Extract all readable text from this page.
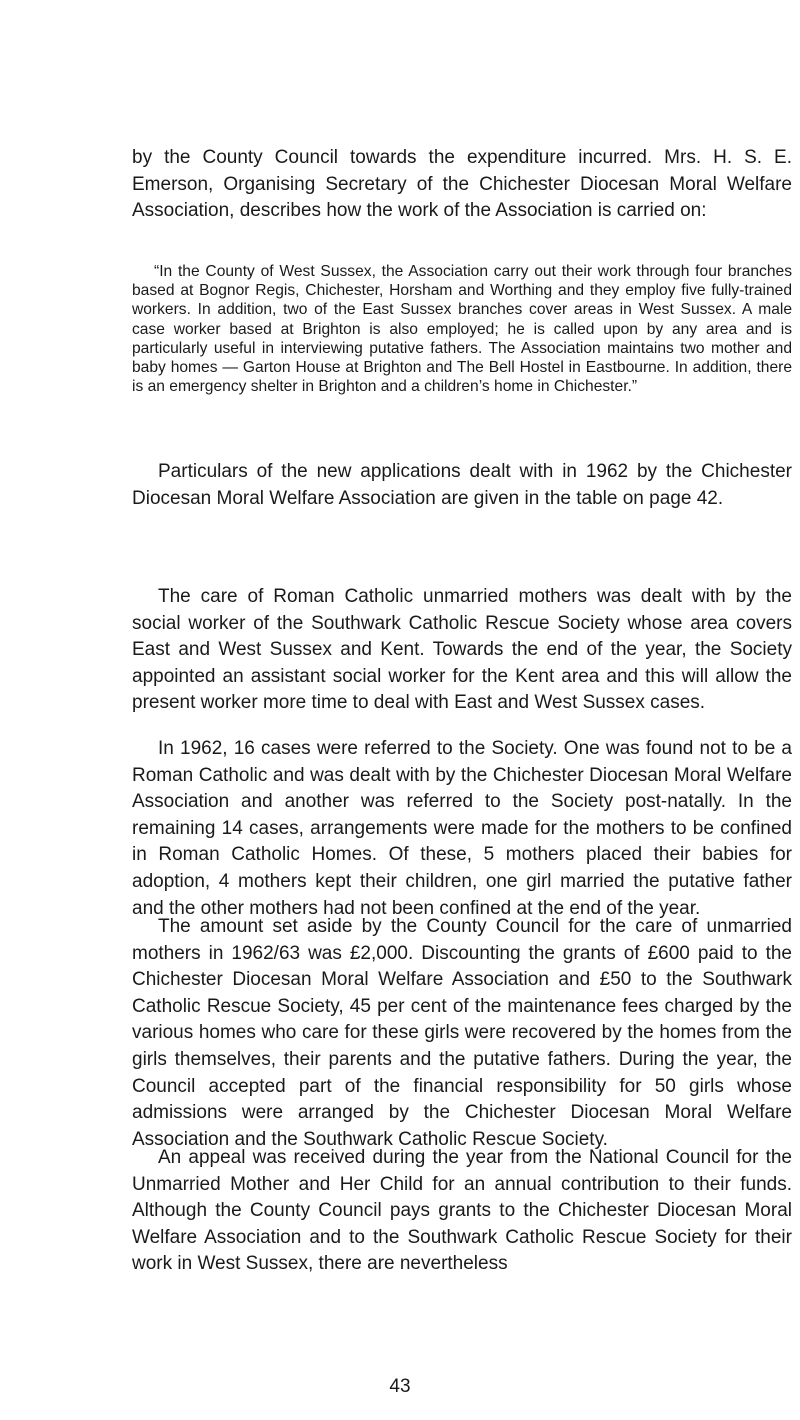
by the County Council towards the expenditure incurred. Mrs. H. S. E. Emerson, Organising Secretary of the Chichester Diocesan Moral Welfare Association, describes how the work of the Association is carried on:

“In the County of West Sussex, the Association carry out their work through four branches based at Bognor Regis, Chichester, Horsham and Worthing and they employ five fully-trained workers. In addition, two of the East Sussex branches cover areas in West Sussex. A male case worker based at Brighton is also employed; he is called upon by any area and is particularly useful in interviewing putative fathers. The Association maintains two mother and baby homes — Garton House at Brighton and The Bell Hostel in Eastbourne. In addition, there is an emergency shelter in Brighton and a children’s home in Chichester.”

Particulars of the new applications dealt with in 1962 by the Chichester Diocesan Moral Welfare Association are given in the table on page 42.

The care of Roman Catholic unmarried mothers was dealt with by the social worker of the Southwark Catholic Rescue Society whose area covers East and West Sussex and Kent. Towards the end of the year, the Society appointed an assistant social worker for the Kent area and this will allow the present worker more time to deal with East and West Sussex cases.

In 1962, 16 cases were referred to the Society. One was found not to be a Roman Catholic and was dealt with by the Chichester Diocesan Moral Welfare Association and another was referred to the Society post-natally. In the remaining 14 cases, arrangements were made for the mothers to be confined in Roman Catholic Homes. Of these, 5 mothers placed their babies for adoption, 4 mothers kept their children, one girl married the putative father and the other mothers had not been confined at the end of the year.

The amount set aside by the County Council for the care of unmarried mothers in 1962/63 was £2,000. Discounting the grants of £600 paid to the Chichester Diocesan Moral Welfare Association and £50 to the Southwark Catholic Rescue Society, 45 per cent of the maintenance fees charged by the various homes who care for these girls were recovered by the homes from the girls themselves, their parents and the putative fathers. During the year, the Council accepted part of the financial responsibility for 50 girls whose admissions were arranged by the Chichester Diocesan Moral Welfare Association and the Southwark Catholic Rescue Society.

An appeal was received during the year from the National Council for the Unmarried Mother and Her Child for an annual contribution to their funds. Although the County Council pays grants to the Chichester Diocesan Moral Welfare Association and to the Southwark Catholic Rescue Society for their work in West Sussex, there are nevertheless

43
